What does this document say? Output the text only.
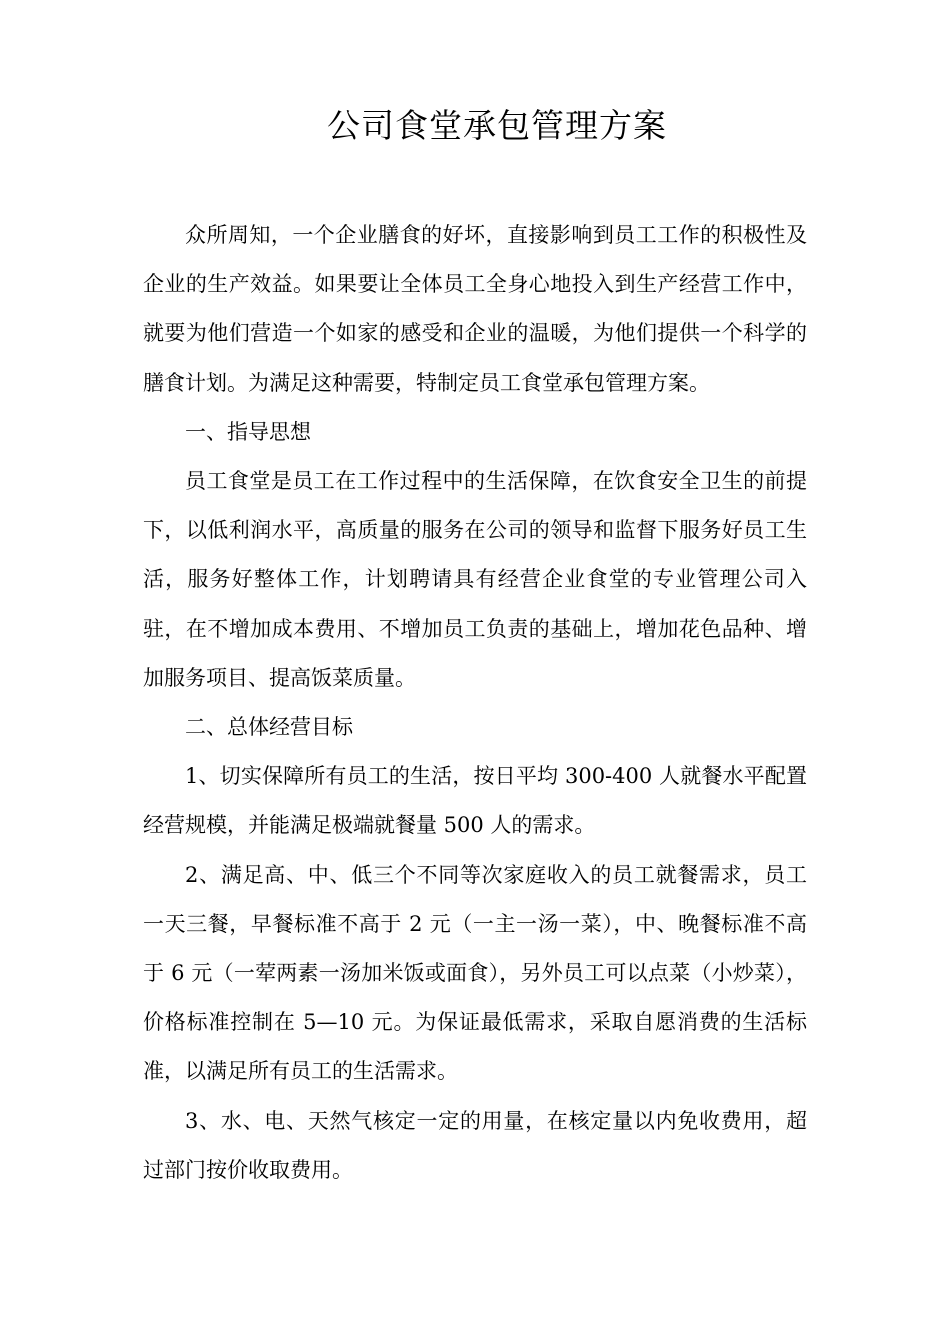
公司食堂承包管理方案

众所周知，一个企业膳食的好坏，直接影响到员工工作的积极性及企业的生产效益。如果要让全体员工全身心地投入到生产经营工作中，就要为他们营造一个如家的感受和企业的温暖，为他们提供一个科学的膳食计划。为满足这种需要，特制定员工食堂承包管理方案。

一、指导思想

员工食堂是员工在工作过程中的生活保障，在饮食安全卫生的前提下，以低利润水平，高质量的服务在公司的领导和监督下服务好员工生活，服务好整体工作，计划聘请具有经营企业食堂的专业管理公司入驻，在不增加成本费用、不增加员工负责的基础上，增加花色品种、增加服务项目、提高饭菜质量。

二、总体经营目标

1、切实保障所有员工的生活，按日平均 300-400 人就餐水平配置经营规模，并能满足极端就餐量 500 人的需求。

2、满足高、中、低三个不同等次家庭收入的员工就餐需求，员工一天三餐，早餐标准不高于 2 元（一主一汤一菜），中、晚餐标准不高于 6 元（一荤两素一汤加米饭或面食），另外员工可以点菜（小炒菜），价格标准控制在 5—10 元。为保证最低需求，采取自愿消费的生活标准，以满足所有员工的生活需求。

3、水、电、天然气核定一定的用量，在核定量以内免收费用，超过部门按价收取费用。
